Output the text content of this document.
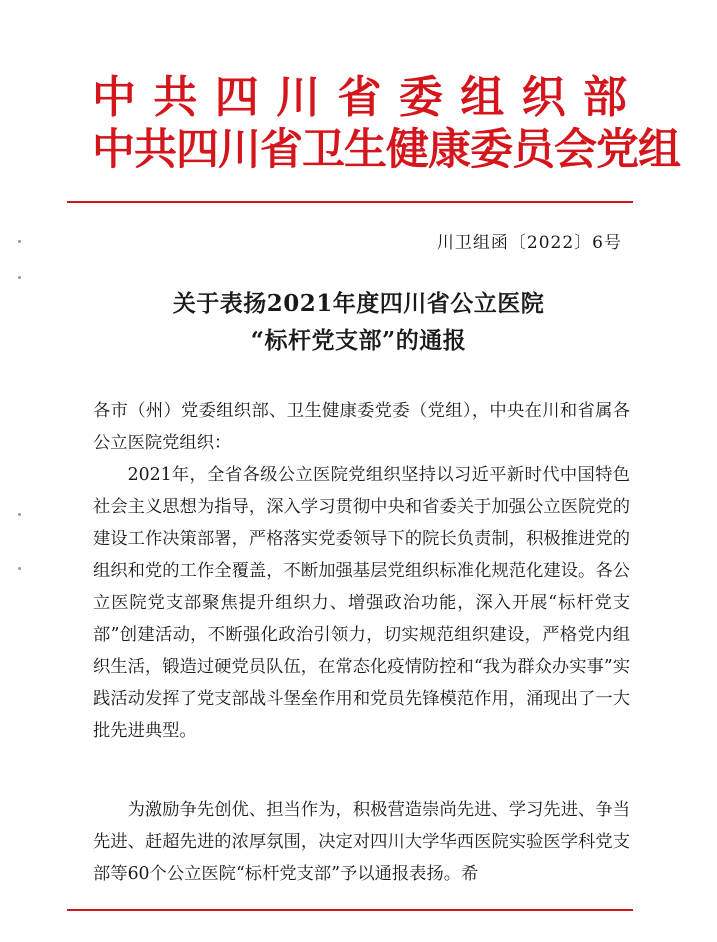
中共四川省委组织部
中共四川省卫生健康委员会党组
川卫组函〔2022〕6号
关于表扬2021年度四川省公立医院
“标杆党支部”的通报

各市（州）党委组织部、卫生健康委党委（党组），中央在川和省属各公立医院党组织：

2021年，全省各级公立医院党组织坚持以习近平新时代中国特色社会主义思想为指导，深入学习贯彻中央和省委关于加强公立医院党的建设工作决策部署，严格落实党委领导下的院长负责制，积极推进党的组织和党的工作全覆盖，不断加强基层党组织标准化规范化建设。各公立医院党支部聚焦提升组织力、增强政治功能，深入开展“标杆党支部”创建活动，不断强化政治引领力，切实规范组织建设，严格党内组织生活，锻造过硬党员队伍，在常态化疫情防控和“我为群众办实事”实践活动发挥了党支部战斗堡垒作用和党员先锋模范作用，涌现出了一大批先进典型。

为激励争先创优、担当作为，积极营造崇尚先进、学习先进、争当先进、赶超先进的浓厚氛围，决定对四川大学华西医院实验医学科党支部等60个公立医院“标杆党支部”予以通报表扬。希
